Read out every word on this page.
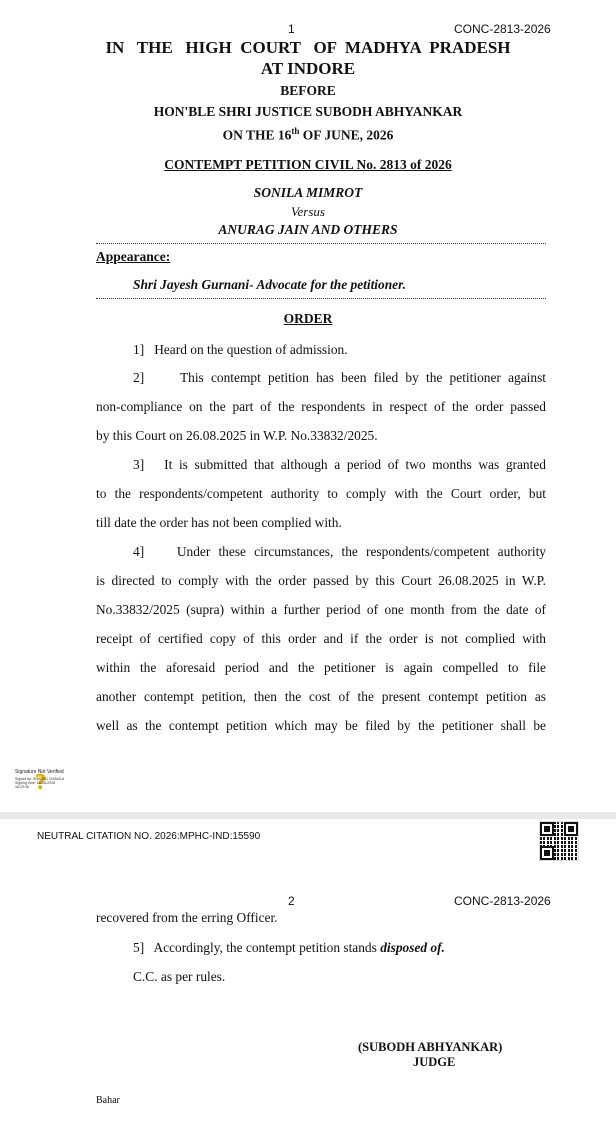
1	CONC-2813-2026
IN   THE   HIGH  COURT   OF  MADHYA  PRADESH
AT INDORE
BEFORE
HON'BLE SHRI JUSTICE SUBODH ABHYANKAR
ON THE 16th OF JUNE, 2026
CONTEMPT PETITION CIVIL No. 2813 of 2026
SONILA MIMROT
Versus
ANURAG JAIN AND OTHERS
Appearance:
Shri Jayesh Gurnani- Advocate for the petitioner.
ORDER
1]   Heard on the question of admission.
2]     This contempt petition has been filed by the petitioner against
non-compliance on the part of the respondents in respect of the order passed
by this Court on 26.08.2025 in W.P. No.33832/2025.
3]   It is submitted that although a period of two months was granted
to the respondents/competent authority to comply with the Court order, but
till date the order has not been complied with.
4]    Under these circumstances, the respondents/competent authority
is directed to comply with the order passed by this Court 26.08.2025 in W.P.
No.33832/2025 (supra) within a further period of one month from the date of
receipt of certified copy of this order and if the order is not complied with
within the aforesaid period and the petitioner is again compelled to file
another contempt petition, then the cost of the present contempt petition as
well as the contempt petition which may be filed by the petitioner shall be
?
Signature Not Verified
Signed by: SHARAD CHAWLA
Signing time: 18-06-2026
18:23:36
NEUTRAL CITATION NO. 2026:MPHC-IND:15590
2	CONC-2813-2026
recovered from the erring Officer.
5]   Accordingly, the contempt petition stands disposed of.
C.C. as per rules.
(SUBODH ABHYANKAR)
JUDGE
Bahar
